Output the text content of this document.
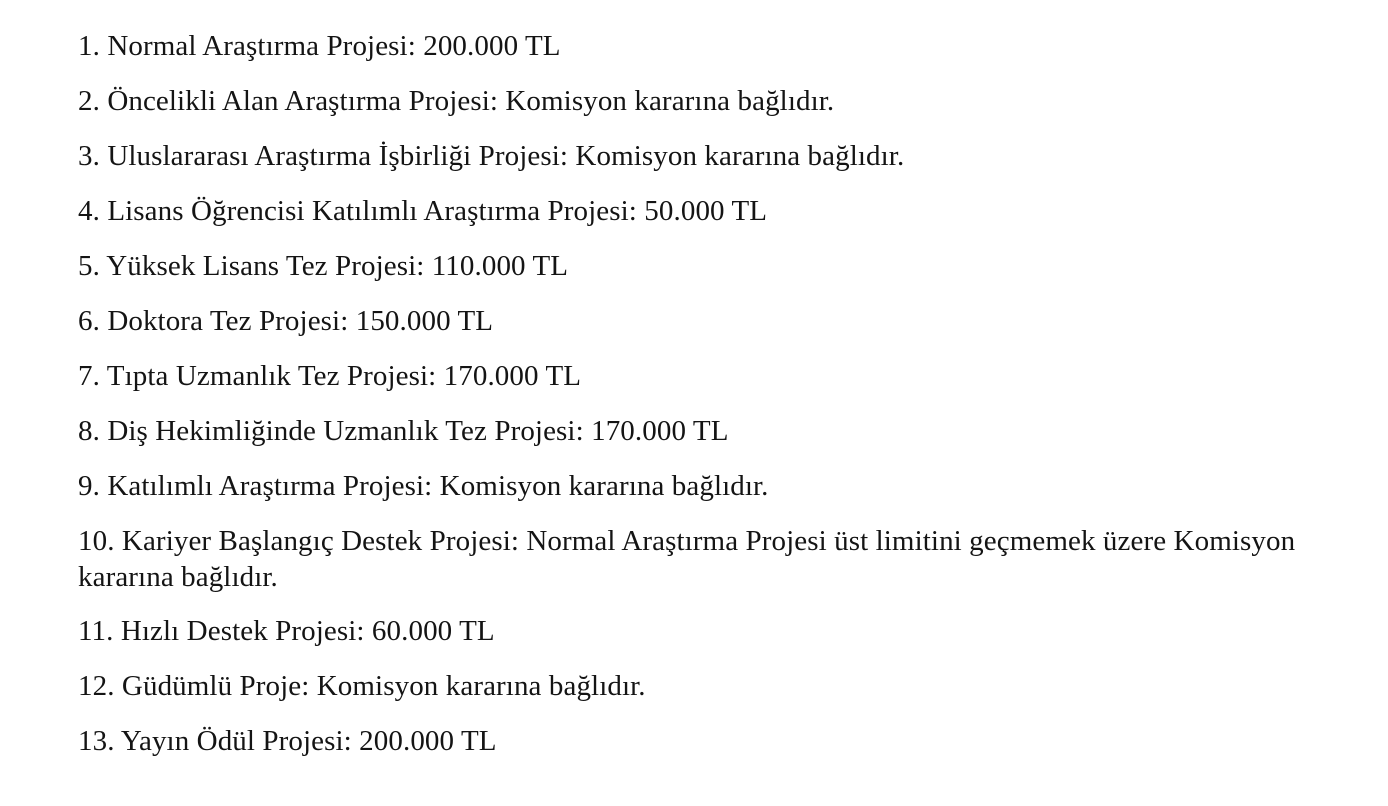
1. Normal Araştırma Projesi: 200.000 TL
2. Öncelikli Alan Araştırma Projesi: Komisyon kararına bağlıdır.
3. Uluslararası Araştırma İşbirliği Projesi: Komisyon kararına bağlıdır.
4. Lisans Öğrencisi Katılımlı Araştırma Projesi: 50.000 TL
5. Yüksek Lisans Tez Projesi: 110.000 TL
6. Doktora Tez Projesi: 150.000 TL
7. Tıpta Uzmanlık Tez Projesi: 170.000 TL
8. Diş Hekimliğinde Uzmanlık Tez Projesi: 170.000 TL
9. Katılımlı Araştırma Projesi: Komisyon kararına bağlıdır.
10. Kariyer Başlangıç Destek Projesi: Normal Araştırma Projesi üst limitini geçmemek üzere Komisyon kararına bağlıdır.
11. Hızlı Destek Projesi: 60.000 TL
12. Güdümlü Proje: Komisyon kararına bağlıdır.
13. Yayın Ödül Projesi: 200.000 TL
